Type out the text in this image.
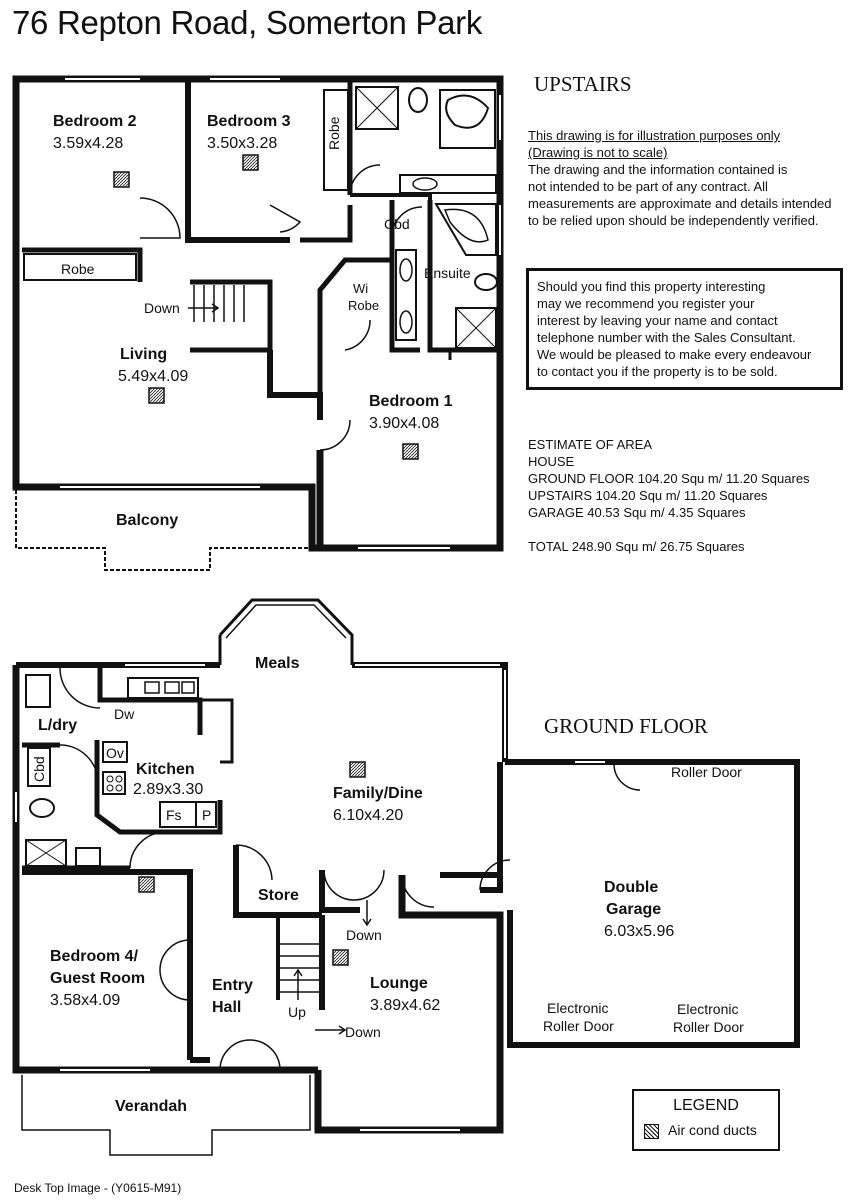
76 Repton Road, Somerton Park
Bedroom 2
3.59x4.28
Bedroom 3
3.50x3.28	Robe
Robe
Cbd
Ensuite
Wi
Robe
Down
Living
5.49x4.09
Bedroom 1
3.90x4.08
Balcony
UPSTAIRS
This drawing is for illustration purposes only
(Drawing is not to scale)
The drawing and the information contained is
not intended to be part of any contract. All
measurements are approximate and details intended
to be relied upon should be independently verified.
Should you find this property interesting
may we recommend you register your
interest by leaving your name and contact
telephone number with the Sales Consultant.
We would be pleased to make every endeavour
to contact you if the property is to be sold.
ESTIMATE OF AREA
HOUSE
GROUND FLOOR 104.20 Squ m/ 11.20 Squares
UPSTAIRS 104.20 Squ m/ 11.20 Squares
GARAGE 40.53 Squ m/ 4.35 Squares
TOTAL 248.90 Squ m/ 26.75 Squares
GROUND FLOOR
Meals
Dw
L/dry
Ov
Cbd	Kitchen
2.89x3.30
Fs P
Family/Dine
6.10x4.20
Roller Door
Double
Garage
6.03x5.96
Store
Down
Bedroom 4/
Guest Room
3.58x4.09
Entry
Hall	Up
Down
Lounge
3.89x4.62	Electronic
Roller Door
Electronic
Roller Door
Verandah	LEGEND
Air cond ducts
Desk Top Image - (Y0615-M91)
